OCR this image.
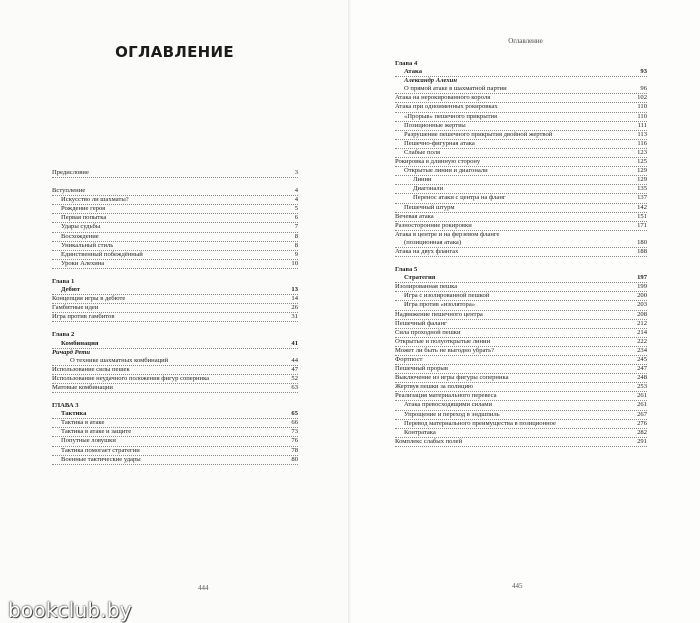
ОГЛАВЛЕНИЕ
Предисловие	3
Вступление	4
Искусство ли шахматы?	4
Рождение героя	5
Первая попытка	6
Удары судьбы	7
Восхождение	8
Уникальный стиль	8
Единственный побеждённый	9
Уроки Алехина	10
Глава 1
Дебют	13
Концепция игры в дебюте	14
Гамбитные идеи	26
Игра против гамбитов	31
Глава 2
Комбинация	41
Ричард Рети
О технике шахматных комбинаций	44
Использование силы пешек	47
Использование неудачного положения фигур соперника	52
Матовые комбинации	63
ГЛАВА 3
Тактика	65
Тактика в атаке	66
Тактика в атаке и защите	73
Попутные ловушки	76
Тактика помогает стратегии	78
Военные тактические удары	80
444
Оглавление
Глава 4
Атака	93
Александр Алехин
О прямой атаке в шахматной партии	96
Атака на нерокированного короля	102
Атака при одноименных рокировках	110
«Прорыв» пешечного прикрытия	110
Позиционные жертвы	111
Разрушение пешечного прикрытия двойной жертвой	113
Пешечно-фигурная атака	116
Слабые поля	123
Рокировка в длинную сторону	125
Открытые линии и диагонали	129
Линии	129
Диагонали	135
Перенос атаки с центра на фланг	137
Пешечный штурм	142
Вечевая атака	151
Разносторонние рокировки	171
Атака в центре и на ферзевом фланге
(позиционная атака)	180
Атака на двух флангах	188
Глава 5
Стратегия	197
Изолированная пешка	199
Игра с изолированной пешкой	200
Игра против «изолятора»	203
Надвижение пешечного центра	208
Пешечный фаланг	212
Сила проходной пешки	214
Открытые и полуоткрытые линии	222
Может ли быть не выгодно убрать?	234
Фортпост	245
Пешечный прорыв	247
Выключение из игры фигуры соперника	248
Жертвуя пешки за полицию	253
Реализация материального перевеса	261
Атака превосходящими силами	261
Упрощение и переход в эндшпиль	267
Перевод материального преимущества в позиционное	276
Контратака	282
Комплекс слабых полей	291
445
bookclub.by
